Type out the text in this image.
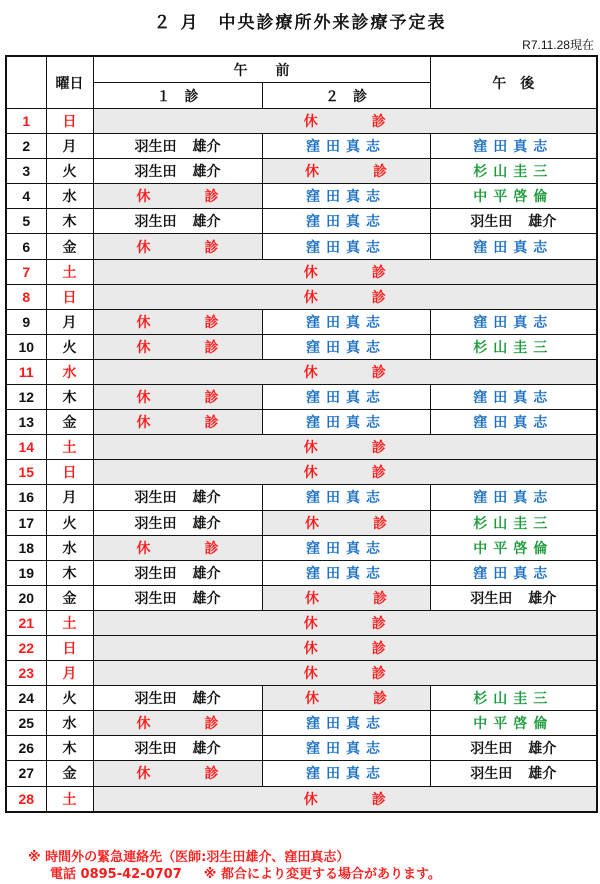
２ 月　中央診療所外来診療予定表
R7.11.28現在
	曜日	午　　前		午　後
		１　診	２　診	
1	日	休 診		
2	月	羽生田 雄介	窪田真志	窪田真志
3	火	羽生田 雄介	休 診	杉山圭三
4	水	休 診	窪田真志	中平啓倫
5	木	羽生田 雄介	窪田真志	羽生田 雄介
6	金	休 診	窪田真志	窪田真志
7	土	休 診		
8	日	休 診		
9	月	休 診	窪田真志	窪田真志
10	火	休 診	窪田真志	杉山圭三
11	水	休 診		
12	木	休 診	窪田真志	窪田真志
13	金	休 診	窪田真志	窪田真志
14	土	休 診		
15	日	休 診		
16	月	羽生田 雄介	窪田真志	窪田真志
17	火	羽生田 雄介	休 診	杉山圭三
18	水	休 診	窪田真志	中平啓倫
19	木	羽生田 雄介	窪田真志	窪田真志
20	金	羽生田 雄介	休 診	羽生田 雄介
21	土	休 診		
22	日	休 診		
23	月	休 診		
24	火	羽生田 雄介	休 診	杉山圭三
25	水	休 診	窪田真志	中平啓倫
26	木	羽生田 雄介	窪田真志	羽生田 雄介
27	金	休 診	窪田真志	羽生田 雄介
28	土	休 診		
※ 時間外の緊急連絡先（医師:羽生田雄介、窪田真志）
電話 0895-42-0707 ※ 都合により変更する場合があります。
